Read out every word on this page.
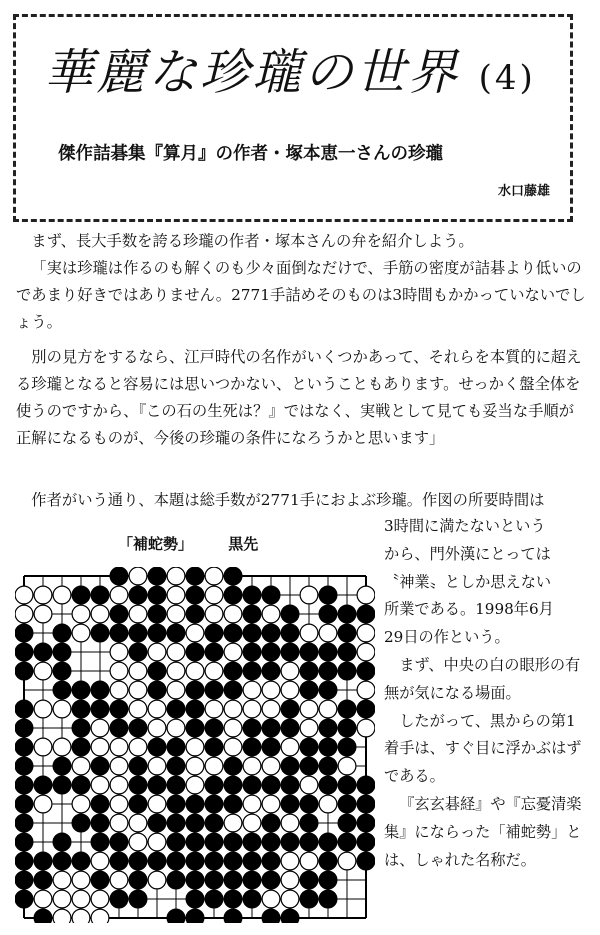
華麗な珍瓏の世界 (4)
傑作詰碁集『算月』の作者・塚本恵一さんの珍瓏
水口藤雄

まず、長大手数を誇る珍瓏の作者・塚本さんの弁を紹介しよう。

「実は珍瓏は作るのも解くのも少々面倒なだけで、手筋の密度が詰碁より低いのであまり好きではありません。2771手詰めそのものは3時間もかかっていないでしょう。

別の見方をするなら、江戸時代の名作がいくつかあって、それらを本質的に超える珍瓏となると容易には思いつかない、ということもあります。せっかく盤全体を使うのですから、『この石の生死は？』ではなく、実戦として見ても妥当な手順が正解になるものが、今後の珍瓏の条件になろうかと思います」

作者がいう通り、本題は総手数が2771手におよぶ珍瓏。作図の所要時間は

「補蛇勢」 黒先

3時間に満たないという

から、門外漢にとっては

〝神業〟としか思えない

所業である。1998年6月

29日の作という。

まず、中央の白の眼形の有無が気になる場面。

したがって、黒からの第1着手は、すぐ目に浮かぶはずである。

『玄玄碁経』や『忘憂清楽集』にならった「補蛇勢」とは、しゃれた名称だ。
